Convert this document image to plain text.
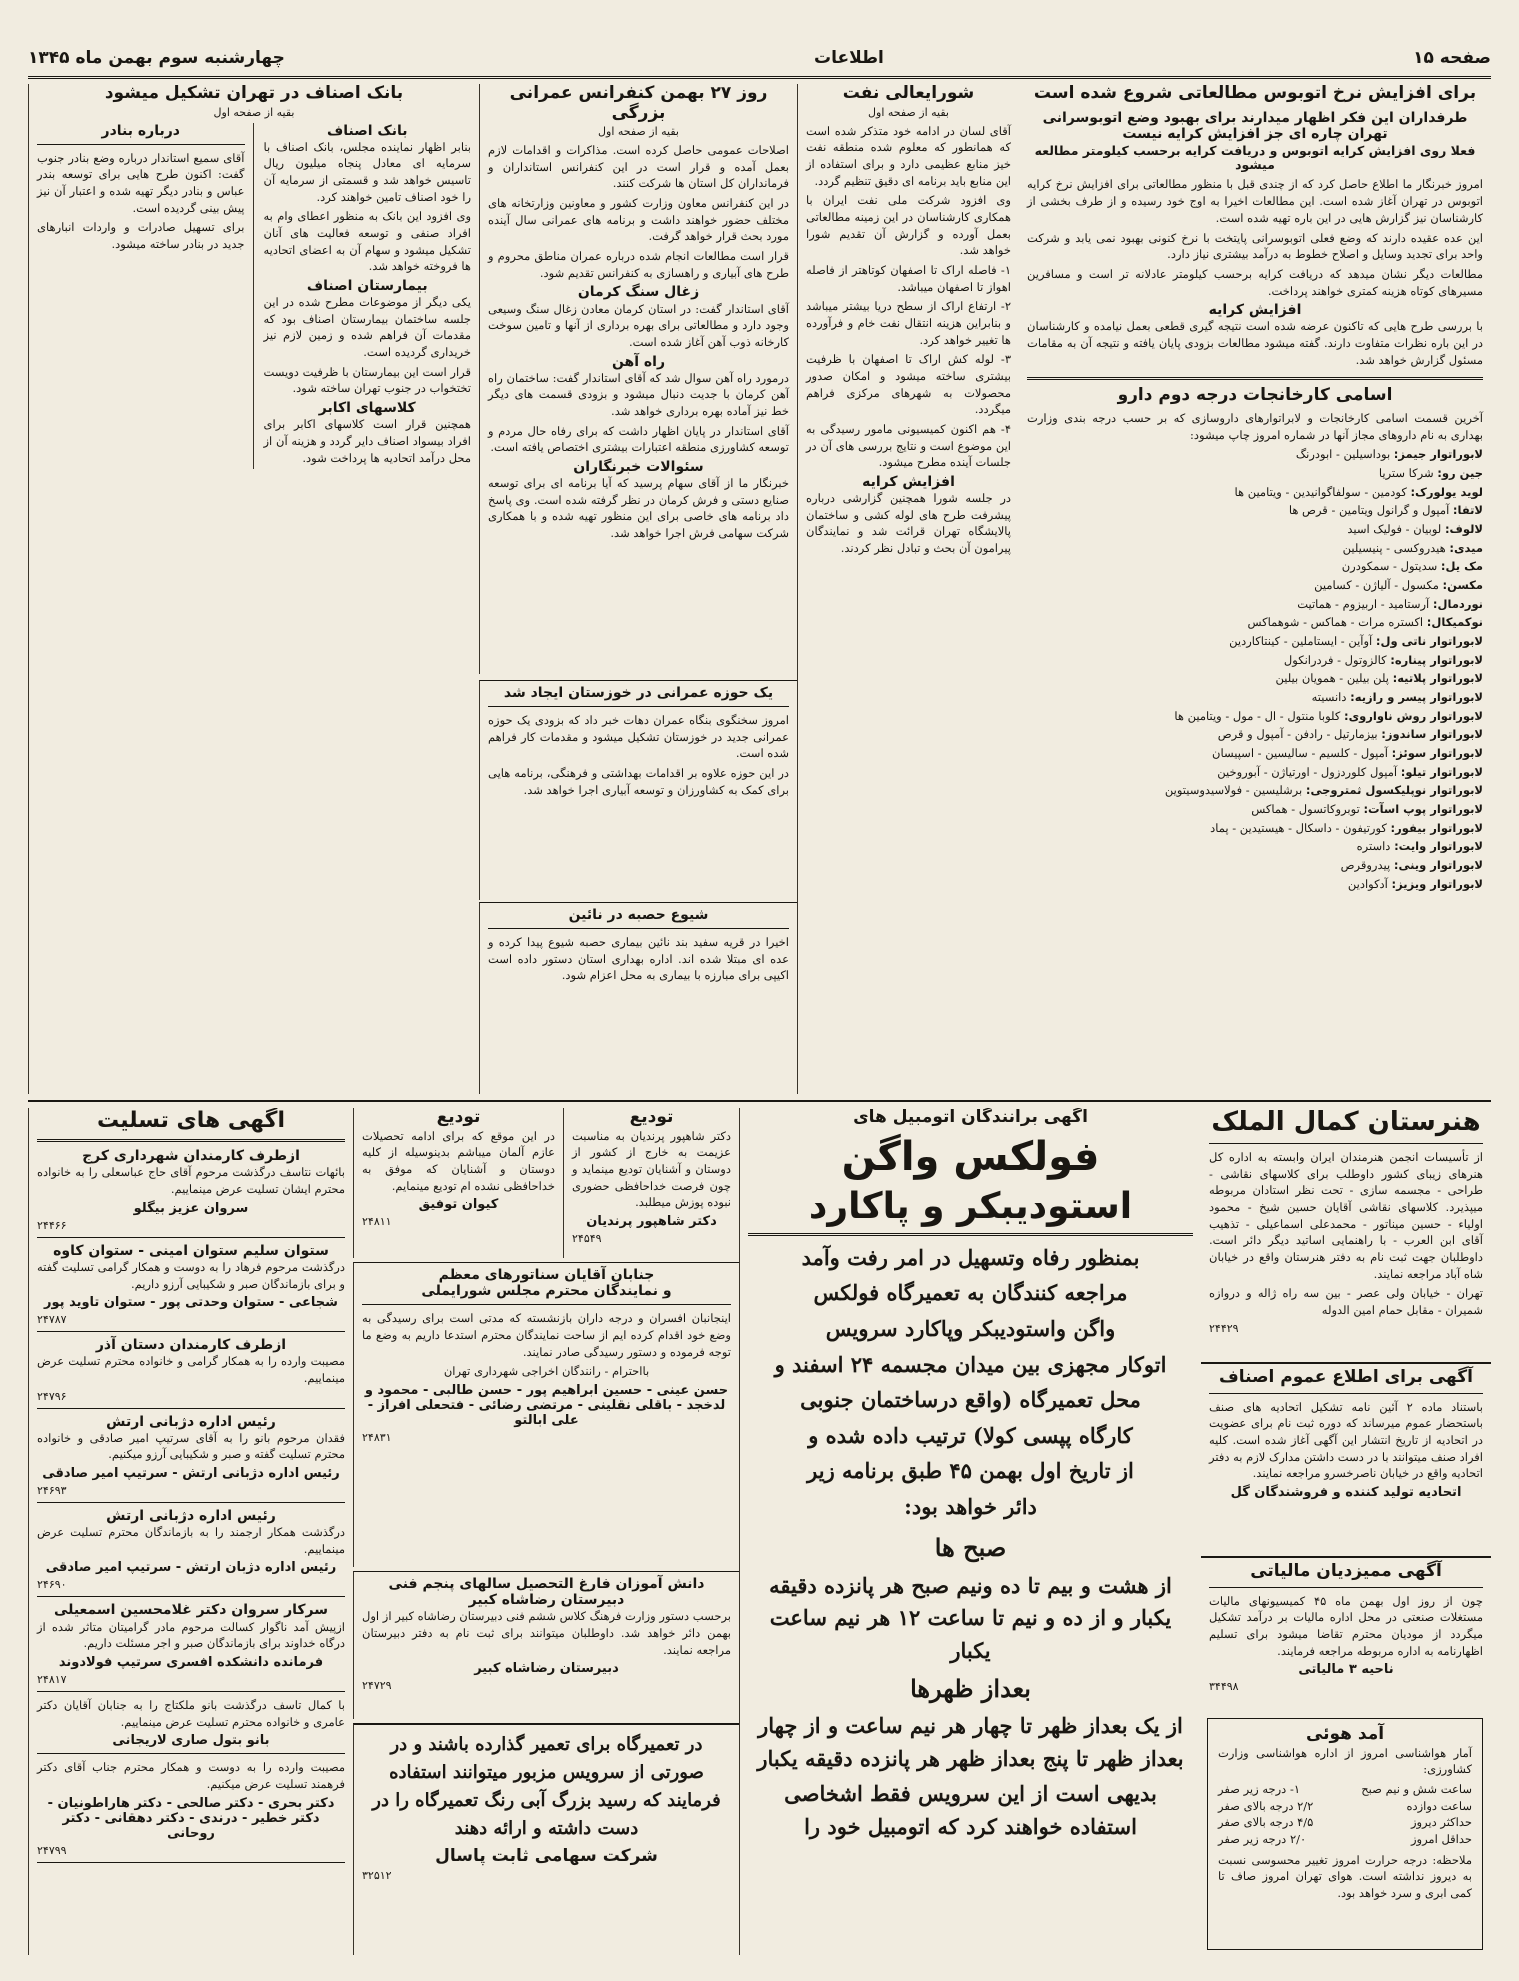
صفحه ۱۵
اطلاعات
چهارشنبه سوم بهمن ماه ۱۳۴۵
برای افزایش نرخ اتوبوس مطالعاتی شروع شده است
طرفداران این فکر اظهار میدارند برای بهبود وضع اتوبوسرانی تهران چاره ای جز افزایش کرایه نیست
فعلا روی افزایش کرایه اتوبوس و دریافت کرایه برحسب کیلومتر مطالعه میشود

امروز خبرنگار ما اطلاع حاصل کرد که از چندی قبل با منظور مطالعاتی برای افزایش نرخ کرایه اتوبوس در تهران آغاز شده است. این مطالعات اخیرا به اوج خود رسیده و از طرف بخشی از کارشناسان نیز گزارش هایی در این باره تهیه شده است.

این عده عقیده دارند که وضع فعلی اتوبوسرانی پایتخت با نرخ کنونی بهبود نمی یابد و شرکت واحد برای تجدید وسایل و اصلاح خطوط به درآمد بیشتری نیاز دارد.

مطالعات دیگر نشان میدهد که دریافت کرایه برحسب کیلومتر عادلانه تر است و مسافرین مسیرهای کوتاه هزینه کمتری خواهند پرداخت.

افزایش کرایه

با بررسی طرح هایی که تاکنون عرضه شده است نتیجه گیری قطعی بعمل نیامده و کارشناسان در این باره نظرات متفاوت دارند. گفته میشود مطالعات بزودی پایان یافته و نتیجه آن به مقامات مسئول گزارش خواهد شد.

اسامی کارخانجات درجه دوم دارو

آخرین قسمت اسامی کارخانجات و لابراتوارهای داروسازی که بر حسب درجه بندی وزارت بهداری به نام داروهای مجاز آنها در شماره امروز چاپ میشود:

لابوراتوار جیمز: بوداسیلین - ابودرنگ
جین رو: شرکا ستریا
لوید یولورک: کودمین - سولفاگوانیدین - ویتامین ها
لاتفا: آمپول و گرانول ویتامین - قرص ها
لالوف: لوبیان - فولیک اسید
میدی: هیدروکسی - پنیسیلین
مک یل: سدیتول - سمکودرن
مکسن: مکسول - آلیاژن - کسامین
نوردمال: آرستامید - اربیزوم - هماتیت
نوکمیکال: اکستره مرات - هماکس - شوهماکس
لابوراتوار ناتی ول: آوآین - ایستاملین - کینتاکاردین
لابوراتوار پیناره: کالزوتول - فردرانکول
لابوراتوار پلاتیه: پلن بیلین - همویان بیلین
لابوراتوار پیسر و رازیه: دانسیته
لابوراتوار روش ناواروی: کلوبا منتول - ال - مول - ویتامین ها
لابوراتوار ساندوز: بیزمارتیل - رادفن - آمپول و قرص
لابوراتوار سوئز: آمپول - کلسیم - سالیسین - اسپیسان
لابوراتوار تیلو: آمپول کلوردزول - اورتیاژن - آبوروخین
لابوراتوار نوپلیکسول ثمتروجی: برشلیسین - فولاسیدوسیتوین
لابوراتوار پوپ اسآت: توبروکاتسول - هماکس
لابوراتوار بیفور: کورتیفون - داسکال - هیستیدین - پماد
لابوراتوار وایت: داستره
لابوراتوار وینی: پیدروقرص
لابوراتوار ویزیز: آدکوادین
شورایعالی نفت
بقیه از صفحه اول

آقای لسان در ادامه خود متذکر شده است که همانطور که معلوم شده منطقه نفت خیز منابع عظیمی دارد و برای استفاده از این منابع باید برنامه ای دقیق تنظیم گردد.

وی افزود شرکت ملی نفت ایران با همکاری کارشناسان در این زمینه مطالعاتی بعمل آورده و گزارش آن تقدیم شورا خواهد شد.

۱- فاصله اراک تا اصفهان کوتاهتر از فاصله اهواز تا اصفهان میباشد.

۲- ارتفاع اراک از سطح دریا بیشتر میباشد و بنابراین هزینه انتقال نفت خام و فرآورده ها تغییر خواهد کرد.

۳- لوله کش اراک تا اصفهان با ظرفیت بیشتری ساخته میشود و امکان صدور محصولات به شهرهای مرکزی فراهم میگردد.

۴- هم اکنون کمیسیونی مامور رسیدگی به این موضوع است و نتایج بررسی های آن در جلسات آینده مطرح میشود.

افزایش کرایه

در جلسه شورا همچنین گزارشی درباره پیشرفت طرح های لوله کشی و ساختمان پالایشگاه تهران قرائت شد و نمایندگان پیرامون آن بحث و تبادل نظر کردند.

روز ۲۷ بهمن کنفرانس عمرانی بزرگی
بقیه از صفحه اول

اصلاحات عمومی حاصل کرده است. مذاکرات و اقدامات لازم بعمل آمده و قرار است در این کنفرانس استانداران و فرمانداران کل استان ها شرکت کنند.

در این کنفرانس معاون وزارت کشور و معاونین وزارتخانه های مختلف حضور خواهند داشت و برنامه های عمرانی سال آینده مورد بحث قرار خواهد گرفت.

قرار است مطالعات انجام شده درباره عمران مناطق محروم و طرح های آبیاری و راهسازی به کنفرانس تقدیم شود.

زغال سنگ کرمان

آقای استاندار گفت: در استان کرمان معادن زغال سنگ وسیعی وجود دارد و مطالعاتی برای بهره برداری از آنها و تامین سوخت کارخانه ذوب آهن آغاز شده است.

راه آهن

درمورد راه آهن سوال شد که آقای استاندار گفت: ساختمان راه آهن کرمان با جدیت دنبال میشود و بزودی قسمت های دیگر خط نیز آماده بهره برداری خواهد شد.

آقای استاندار در پایان اظهار داشت که برای رفاه حال مردم و توسعه کشاورزی منطقه اعتبارات بیشتری اختصاص یافته است.

سئوالات خبرنگاران

خبرنگار ما از آقای سهام پرسید که آیا برنامه ای برای توسعه صنایع دستی و فرش کرمان در نظر گرفته شده است. وی پاسخ داد برنامه های خاصی برای این منظور تهیه شده و با همکاری شرکت سهامی فرش اجرا خواهد شد.

یک حوزه عمرانی در خوزستان ایجاد شد

امروز سخنگوی بنگاه عمران دهات خبر داد که بزودی یک حوزه عمرانی جدید در خوزستان تشکیل میشود و مقدمات کار فراهم شده است.

در این حوزه علاوه بر اقدامات بهداشتی و فرهنگی، برنامه هایی برای کمک به کشاورزان و توسعه آبیاری اجرا خواهد شد.

شیوع حصبه در نائین

اخیرا در قریه سفید بند نائین بیماری حصبه شیوع پیدا کرده و عده ای مبتلا شده اند. اداره بهداری استان دستور داده است اکیپی برای مبارزه با بیماری به محل اعزام شود.

بانک اصناف در تهران تشکیل میشود
بقیه از صفحه اول
بانک اصناف

بنابر اظهار نماینده مجلس، بانک اصناف با سرمایه ای معادل پنجاه میلیون ریال تاسیس خواهد شد و قسمتی از سرمایه آن را خود اصناف تامین خواهند کرد.

وی افزود این بانک به منظور اعطای وام به افراد صنفی و توسعه فعالیت های آنان تشکیل میشود و سهام آن به اعضای اتحادیه ها فروخته خواهد شد.

بیمارستان اصناف

یکی دیگر از موضوعات مطرح شده در این جلسه ساختمان بیمارستان اصناف بود که مقدمات آن فراهم شده و زمین لازم نیز خریداری گردیده است.

قرار است این بیمارستان با ظرفیت دویست تختخواب در جنوب تهران ساخته شود.

کلاسهای اکابر

همچنین قرار است کلاسهای اکابر برای افراد بیسواد اصناف دایر گردد و هزینه آن از محل درآمد اتحادیه ها پرداخت شود.

درباره بنادر

آقای سمیع استاندار درباره وضع بنادر جنوب گفت: اکنون طرح هایی برای توسعه بندر عباس و بنادر دیگر تهیه شده و اعتبار آن نیز پیش بینی گردیده است.

برای تسهیل صادرات و واردات انبارهای جدید در بنادر ساخته میشود.

هنرستان کمال الملک

از تأسیسات انجمن هنرمندان ایران وابسته به اداره کل هنرهای زیبای کشور داوطلب برای کلاسهای نقاشی - طراحی - مجسمه سازی - تحت نظر استادان مربوطه میپذیرد. کلاسهای نقاشی آقایان حسین شیخ - محمود اولیاء - حسین میناتور - محمدعلی اسماعیلی - تذهیب آقای ابن العرب - با راهنمایی اساتید دیگر دائر است. داوطلبان جهت ثبت نام به دفتر هنرستان واقع در خیابان شاه آباد مراجعه نمایند.

تهران - خیابان ولی عصر - بین سه راه ژاله و دروازه شمیران - مقابل حمام امین الدوله

۲۴۴۲۹
آگهی برای اطلاع عموم اصناف

باستناد ماده ۲ آئین نامه تشکیل اتحادیه های صنف باستحضار عموم میرساند که دوره ثبت نام برای عضویت در اتحادیه از تاریخ انتشار این آگهی آغاز شده است. کلیه افراد صنف میتوانند با در دست داشتن مدارک لازم به دفتر اتحادیه واقع در خیابان ناصرخسرو مراجعه نمایند.

اتحادیه تولید کننده و فروشندگان گل
آگهی ممیزدیان مالیاتی

چون از روز اول بهمن ماه ۴۵ کمیسیونهای مالیات مستغلات صنعتی در محل اداره مالیات بر درآمد تشکیل میگردد از مودیان محترم تقاضا میشود برای تسلیم اظهارنامه به اداره مربوطه مراجعه فرمایند.

ناحیه ۳ مالیاتی
۳۴۴۹۸
آمد هوئی

آمار هواشناسی امروز از اداره هواشناسی وزارت کشاورزی:

ساعت شش و نیم صبح
۱- درجه زیر صفر
ساعت دوازده
۲/۲ درجه بالای صفر
حداکثر دیروز
۴/۵ درجه بالای صفر
حداقل امروز
۲/۰ درجه زیر صفر

ملاحظه: درجه حرارت امروز تغییر محسوسی نسبت به دیروز نداشته است. هوای تهران امروز صاف تا کمی ابری و سرد خواهد بود.

اگهی برانندگان اتومبیل های
فولکس واگن
استودیبکر و پاکارد

بمنظور رفاه وتسهیل در امر رفت وآمد

مراجعه کنندگان به تعمیرگاه فولکس

واگن واستودیبکر وپاکارد سرویس

اتوکار مجهزی بین میدان مجسمه ۲۴ اسفند و

محل تعمیرگاه (واقع درساختمان جنوبی

کارگاه پپسی کولا) ترتیب داده شده و

از تاریخ اول بهمن ۴۵ طبق برنامه زیر

دائر خواهد بود:

صبح ها

از هشت و بیم تا ده ونیم صبح هر پانزده دقیقه یکبار و از ده و نیم تا ساعت ۱۲ هر نیم ساعت یکبار

بعداز ظهرها

از یک بعداز ظهر تا چهار هر نیم ساعت و از چهار بعداز ظهر تا پنج بعداز ظهر هر پانزده دقیقه یکبار

بدیهی است از این سرویس فقط اشخاصی استفاده خواهند کرد که اتومبیل خود را

تودیع

دکتر شاهپور پرندیان به مناسبت عزیمت به خارج از کشور از دوستان و آشنایان تودیع مینماید و چون فرصت خداحافظی حضوری نبوده پوزش میطلبد.

دکتر شاهپور پرندیان
۲۴۵۴۹
تودیع

در این موقع که برای ادامه تحصیلات عازم آلمان میباشم بدینوسیله از کلیه دوستان و آشنایان که موفق به خداحافظی نشده ام تودیع مینمایم.

کیوان توفیق
۲۴۸۱۱
جنابان آقایان سناتورهای معظم
و نمایندگان محترم مجلس شورایملی

اینجانبان افسران و درجه داران بازنشسته که مدتی است برای رسیدگی به وضع خود اقدام کرده ایم از ساحت نمایندگان محترم استدعا داریم به وضع ما توجه فرموده و دستور رسیدگی صادر نمایند.

بااحترام - رانندگان اخراجی شهرداری تهران

حسن عینی - حسین ابراهیم پور - حسن طالبی - محمود و لدخجد - باقلی نقلینی - مرتضی رضائی - فتحعلی افراز - علی ابالتو
۲۴۸۳۱
دانش آموزان فارغ التحصیل سالهای پنجم فنی
دبیرستان رضاشاه کبیر

برحسب دستور وزارت فرهنگ کلاس ششم فنی دبیرستان رضاشاه کبیر از اول بهمن دائر خواهد شد. داوطلبان میتوانند برای ثبت نام به دفتر دبیرستان مراجعه نمایند.

دبیرستان رضاشاه کبیر
۲۴۷۲۹

در تعمیرگاه برای تعمیر گذارده باشند و در صورتی از سرویس مزبور میتوانند استفاده فرمایند که رسید بزرگ آبی رنگ تعمیرگاه را در دست داشته و ارائه دهند

شرکت سهامی ثابت پاسال
۳۲۵۱۲
اگهی های تسلیت
ازطرف کارمندان شهرداری کرج

بائهات نتاسف درگذشت مرحوم آقای حاج عباسعلی را به خانواده محترم ایشان تسلیت عرض مینماییم.

سروان عزیز بیگلو
۲۴۴۶۶
ستوان سلیم ستوان امینی - ستوان کاوه

درگذشت مرحوم فرهاد را به دوست و همکار گرامی تسلیت گفته و برای بازماندگان صبر و شکیبایی آرزو داریم.

شجاعی - ستوان وحدتی پور - ستوان تاوید پور
۲۴۷۸۷
ازطرف کارمندان دستان آذر

مصیبت وارده را به همکار گرامی و خانواده محترم تسلیت عرض مینماییم.

۲۴۷۹۶
رئیس اداره دژبانی ارتش

فقدان مرحوم بانو را به آقای سرتیپ امیر صادقی و خانواده محترم تسلیت گفته و صبر و شکیبایی آرزو میکنیم.

رئیس اداره دژبانی ارتش - سرتیپ امیر صادقی
۲۴۶۹۳
رئیس اداره دژبانی ارتش

درگذشت همکار ارجمند را به بازماندگان محترم تسلیت عرض مینماییم.

رئیس اداره دژبان ارتش - سرتیپ امیر صادقی
۲۴۶۹۰
سرکار سروان دکتر غلامحسین اسمعیلی

ازپیش آمد ناگوار کسالت مرحوم مادر گرامیتان متاثر شده از درگاه خداوند برای بازماندگان صبر و اجر مسئلت داریم.

فرمانده دانشکده افسری سرتیپ فولادوند
۲۴۸۱۷

با کمال تاسف درگذشت بانو ملکتاج را به جنابان آقایان دکتر عامری و خانواده محترم تسلیت عرض مینماییم.

بانو بتول صاری لاریجانی

مصیبت وارده را به دوست و همکار محترم جناب آقای دکتر فرهمند تسلیت عرض میکنیم.

دکتر بحری - دکتر صالحی - دکتر هاراطونیان - دکتر خطیر - درندی - دکتر دهقانی - دکتر روحانی
۲۴۷۹۹
